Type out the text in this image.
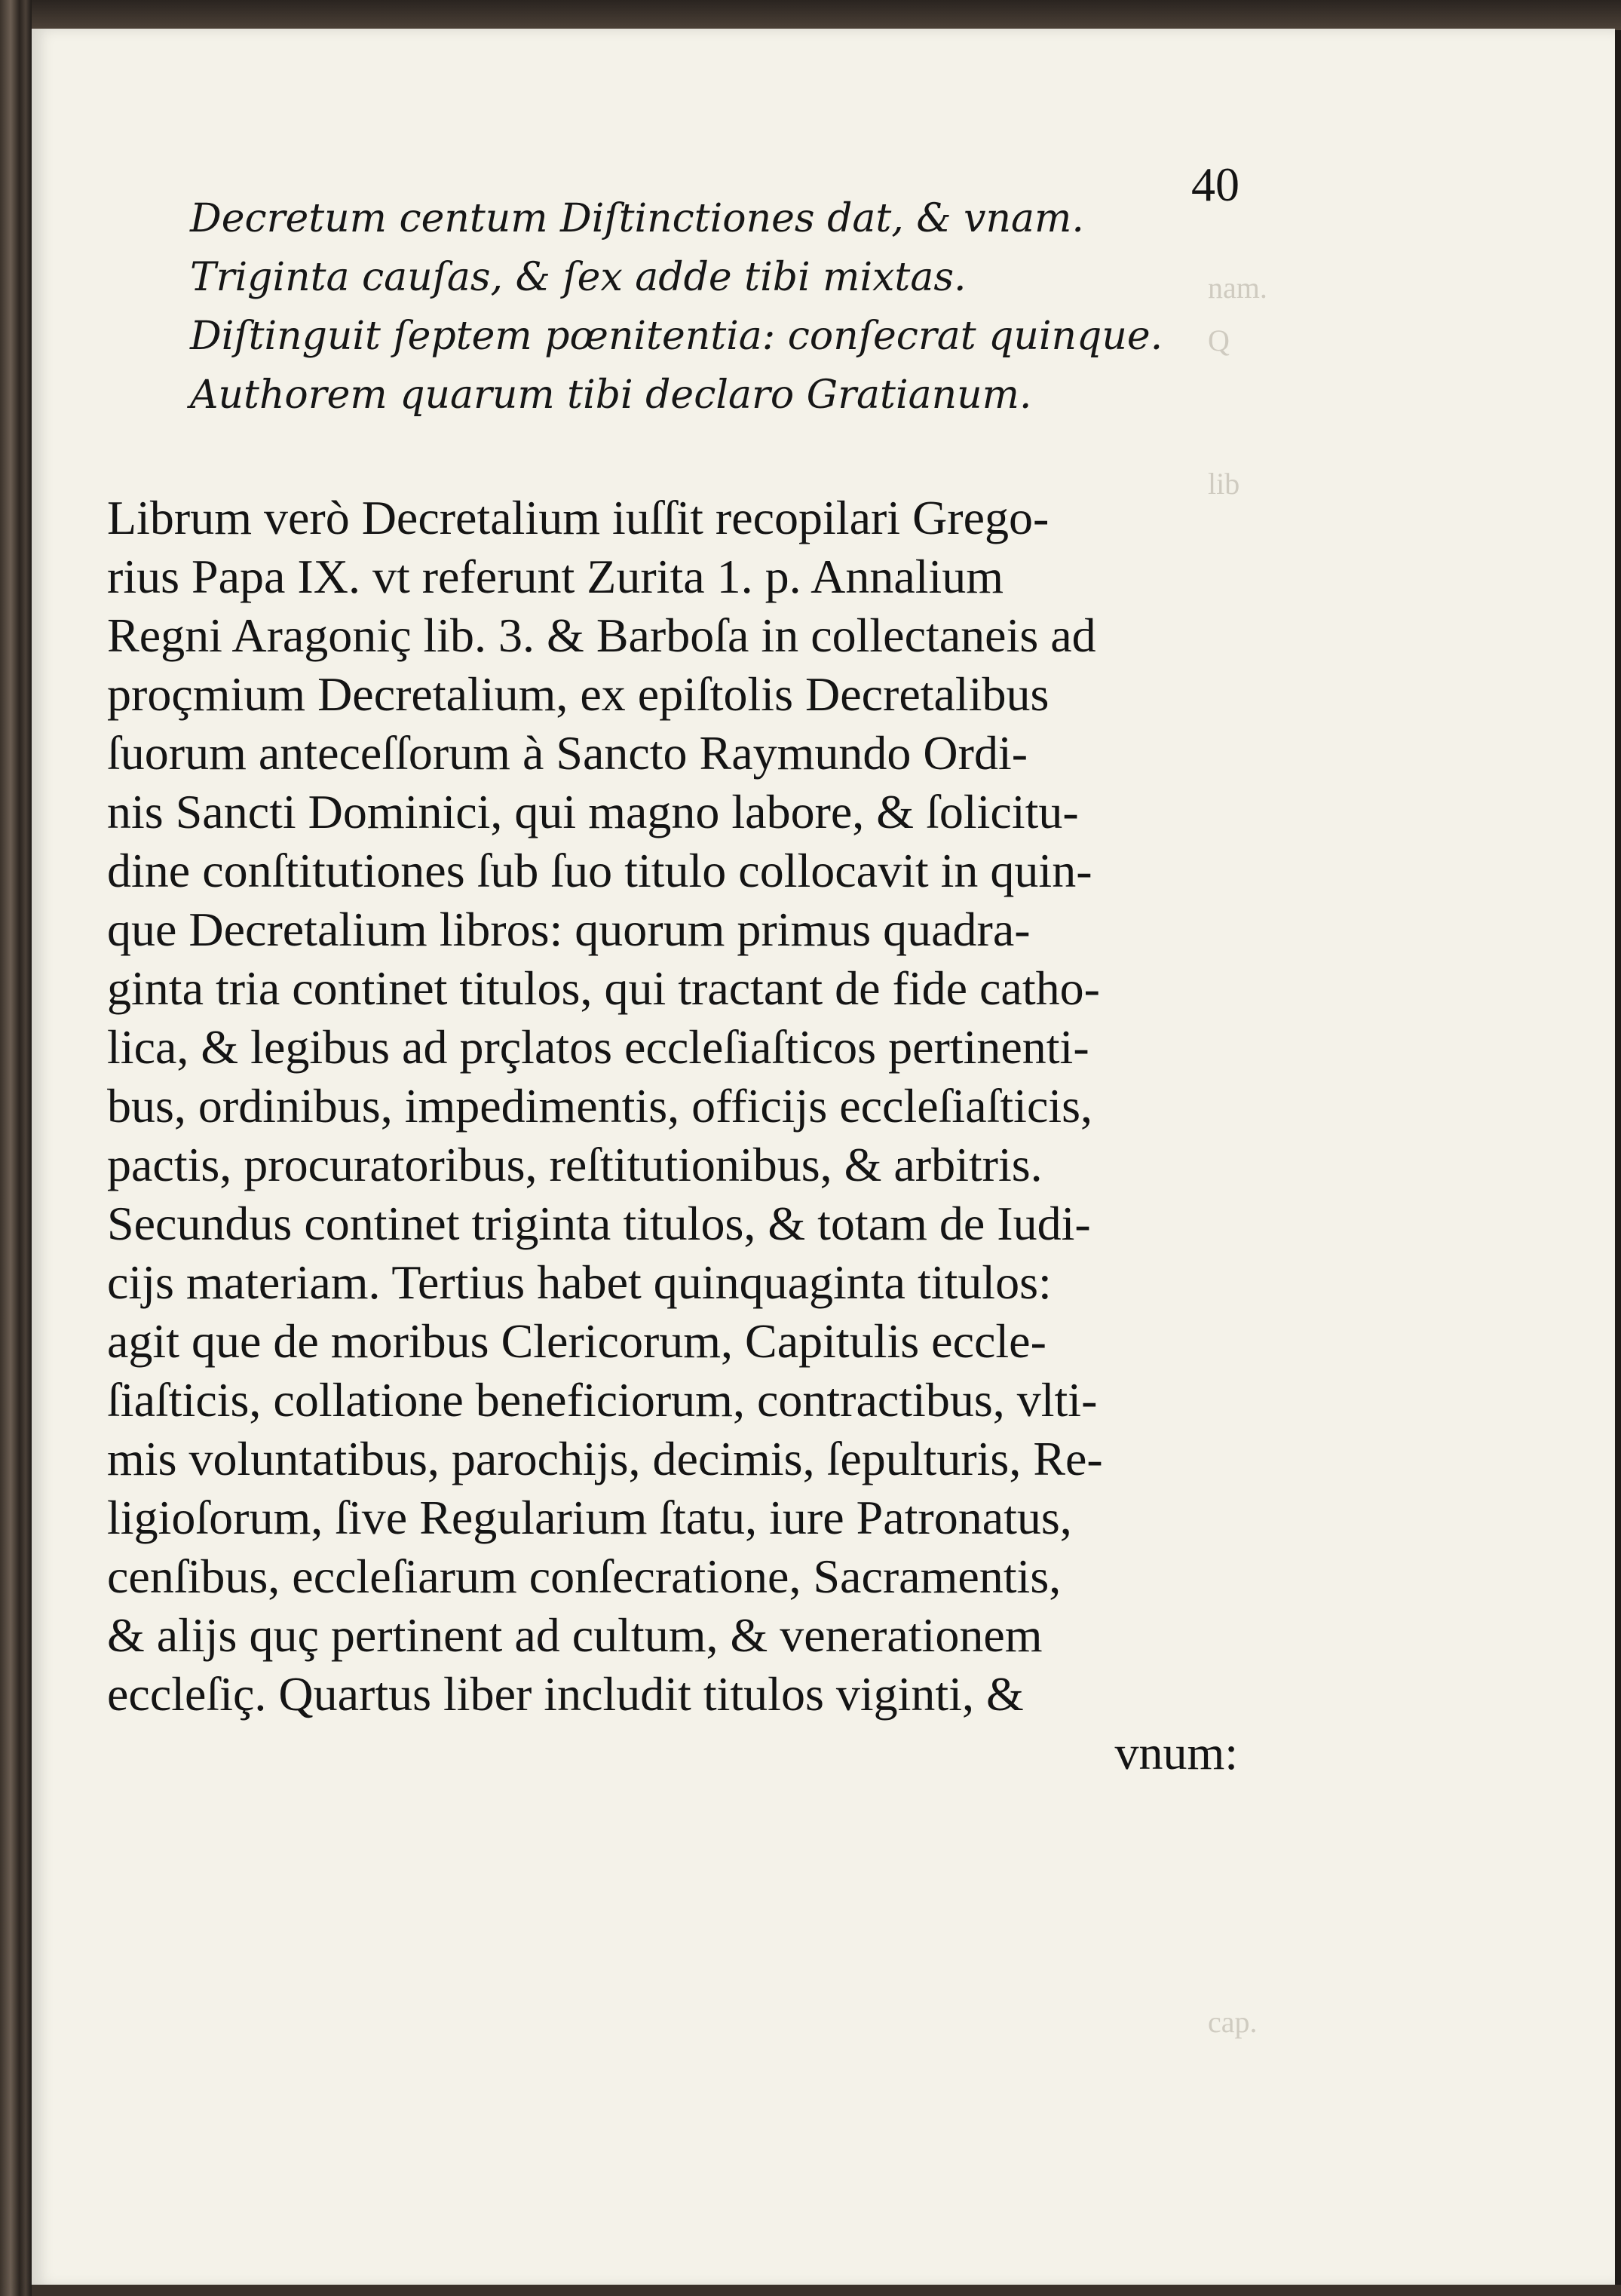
nam.
Q
lib
cap.
40
Decretum centum Diſtinctiones dat, & vnam.
Triginta cauſas, & ſex adde tibi mixtas.
Diſtinguit ſeptem pœnitentia: conſecrat quinque.
Authorem quarum tibi declaro Gratianum.
Librum verò Decretalium iuſſit recopilari Grego-
rius Papa IX. vt referunt Zurita 1. p. Annalium
Regni Aragoniç lib. 3. & Barboſa in collectaneis ad
proçmium Decretalium, ex epiſtolis Decretalibus
ſuorum anteceſſorum à Sancto Raymundo Ordi-
nis Sancti Dominici, qui magno labore, & ſolicitu-
dine conſtitutiones ſub ſuo titulo collocavit in quin-
que Decretalium libros: quorum primus quadra-
ginta tria continet titulos, qui tractant de fide catho-
lica, & legibus ad prçlatos eccleſiaſticos pertinenti-
bus, ordinibus, impedimentis, officijs eccleſiaſticis,
pactis, procuratoribus, reſtitutionibus, & arbitris.
Secundus continet triginta titulos, & totam de Iudi-
cijs materiam. Tertius habet quinquaginta titulos:
agit que de moribus Clericorum, Capitulis eccle-
ſiaſticis, collatione beneficiorum, contractibus, vlti-
mis voluntatibus, parochijs, decimis, ſepulturis, Re-
ligioſorum, ſive Regularium ſtatu, iure Patronatus,
cenſibus, eccleſiarum conſecratione, Sacramentis,
& alijs quç pertinent ad cultum, & venerationem
eccleſiç. Quartus liber includit titulos viginti, &
vnum:
